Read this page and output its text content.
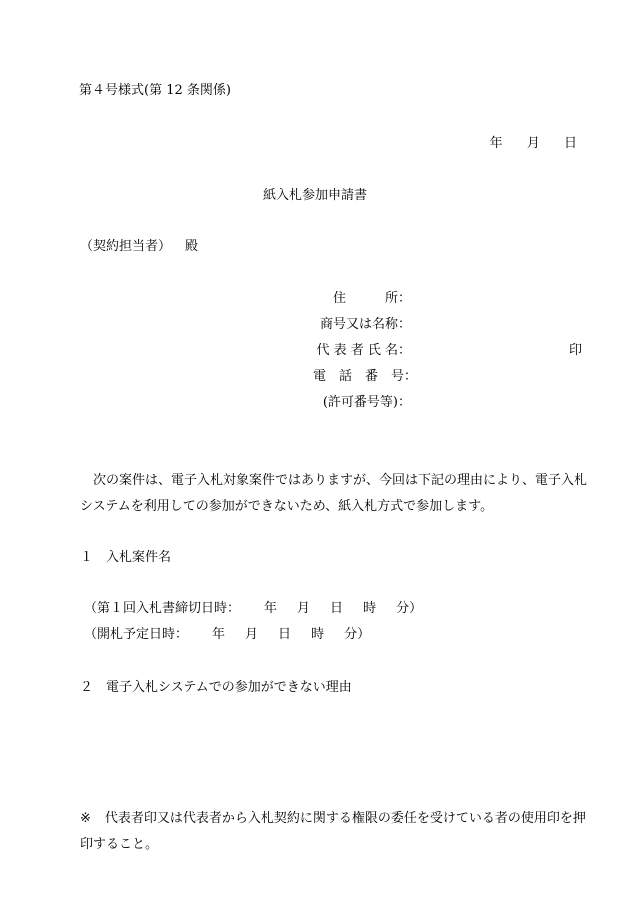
第４号様式(第 12 条関係)
年 月 日
紙入札参加申請書
（契約担当者） 殿
住　　　所：
商号又は名称：
代 表 者 氏 名：
電　話　番　号：
(許可番号等)：
印
次の案件は、電子入札対象案件ではありますが、今回は下記の理由により、電子入札システムを利用しての参加ができないため、紙入札方式で参加します。
１　入札案件名
（第１回入札書締切日時： 年 月 日 時 分）
（開札予定日時： 年 月 日 時 分）
２　電子入札システムでの参加ができない理由
※ 代表者印又は代表者から入札契約に関する権限の委任を受けている者の使用印を押印すること。
